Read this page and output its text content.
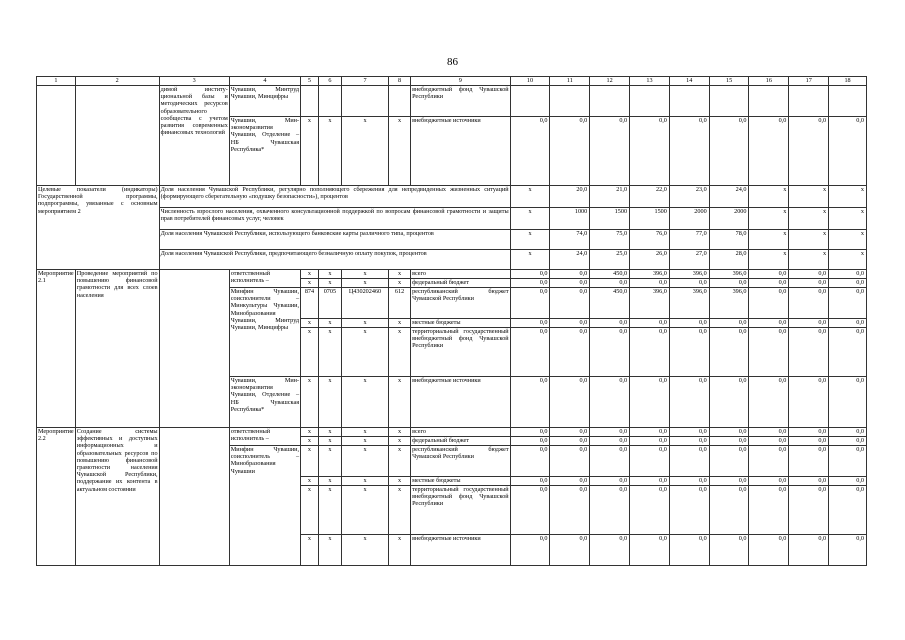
86
1	2	3	4	5	6	7	8	9	10	11	12	13	14	15	16	17	18
		димой институциональной базы и методических ресурсов образовательного сообщества с учетом развития современных финансовых технологий	Чувашии, Минтруд Чувашии, Минцифры					внебюджетный фонд Чувашской Республики									
			Чувашии, Минэкономразвития Чувашии, Отделение – НБ Чувашская Республика*	х	х	х	х	внебюджетные источники	0,0	0,0	0,0	0,0	0,0	0,0	0,0	0,0	0,0
Целевые показатели (индикаторы) Государственной программы, подпрограммы, увязанные с основным мероприятием 2		Доля населения Чувашской Республики, регулярно пополняющего сбережения для непредвиденных жизненных ситуаций (формирующего сберегательную «подушку безопасности»), процентов							х	20,0	21,0	22,0	23,0	24,0	х	х	х
		Численность взрослого населения, охваченного консультационной поддержкой по вопросам финансовой грамотности и защиты прав потребителей финансовых услуг, человек							х	1000	1500	1500	2000	2000	х	х	х
		Доля населения Чувашской Республики, использующего банковские карты различного типа, процентов							х	74,0	75,0	76,0	77,0	78,0	х	х	х
		Доля населения Чувашской Республики, предпочитающего безналичную оплату покупок, процентов							х	24,0	25,0	26,0	27,0	28,0	х	х	х
Мероприятие 2.1	Проведение мероприятий по повышению финансовой грамотности для всех слоев населения		ответственный исполнитель –	х	х	х	х	всего	0,0	0,0	450,0	396,0	396,0	396,0	0,0	0,0	0,0
				х	х	х	х	федеральный бюджет	0,0	0,0	0,0	0,0	0,0	0,0	0,0	0,0	0,0
			Минфин Чувашии, соисполнители – Минкультуры Чувашии, Минобразования Чувашии, Минтруд Чувашии, Минцифры	874	0705	Ц430202460	612	республиканский бюджет Чувашской Республики	0,0	0,0	450,0	396,0	396,0	396,0	0,0	0,0	0,0
				х	х	х	х	местные бюджеты	0,0	0,0	0,0	0,0	0,0	0,0	0,0	0,0	0,0
				х	х	х	х	территориальный государственный внебюджетный фонд Чувашской Республики	0,0	0,0	0,0	0,0	0,0	0,0	0,0	0,0	0,0
			Чувашии, Минэкономразвития Чувашии, Отделение – НБ Чувашская Республика*	х	х	х	х	внебюджетные источники	0,0	0,0	0,0	0,0	0,0	0,0	0,0	0,0	0,0
Мероприятие 2.2	Создание системы эффективных и доступных информационных и образовательных ресурсов по повышению финансовой грамотности населения Чувашской Республики, поддержание их контента в актуальном состоянии		ответственный исполнитель –	х	х	х	х	всего	0,0	0,0	0,0	0,0	0,0	0,0	0,0	0,0	0,0
				х	х	х	х	федеральный бюджет	0,0	0,0	0,0	0,0	0,0	0,0	0,0	0,0	0,0
			Минфин Чувашии, соисполнитель – Минобразования Чувашии	х	х	х	х	республиканский бюджет Чувашской Республики	0,0	0,0	0,0	0,0	0,0	0,0	0,0	0,0	0,0
				х	х	х	х	местные бюджеты	0,0	0,0	0,0	0,0	0,0	0,0	0,0	0,0	0,0
				х	х	х	х	территориальный государственный внебюджетный фонд Чувашской Республики	0,0	0,0	0,0	0,0	0,0	0,0	0,0	0,0	0,0
				х	х	х	х	внебюджетные источники	0,0	0,0	0,0	0,0	0,0	0,0	0,0	0,0	0,0
